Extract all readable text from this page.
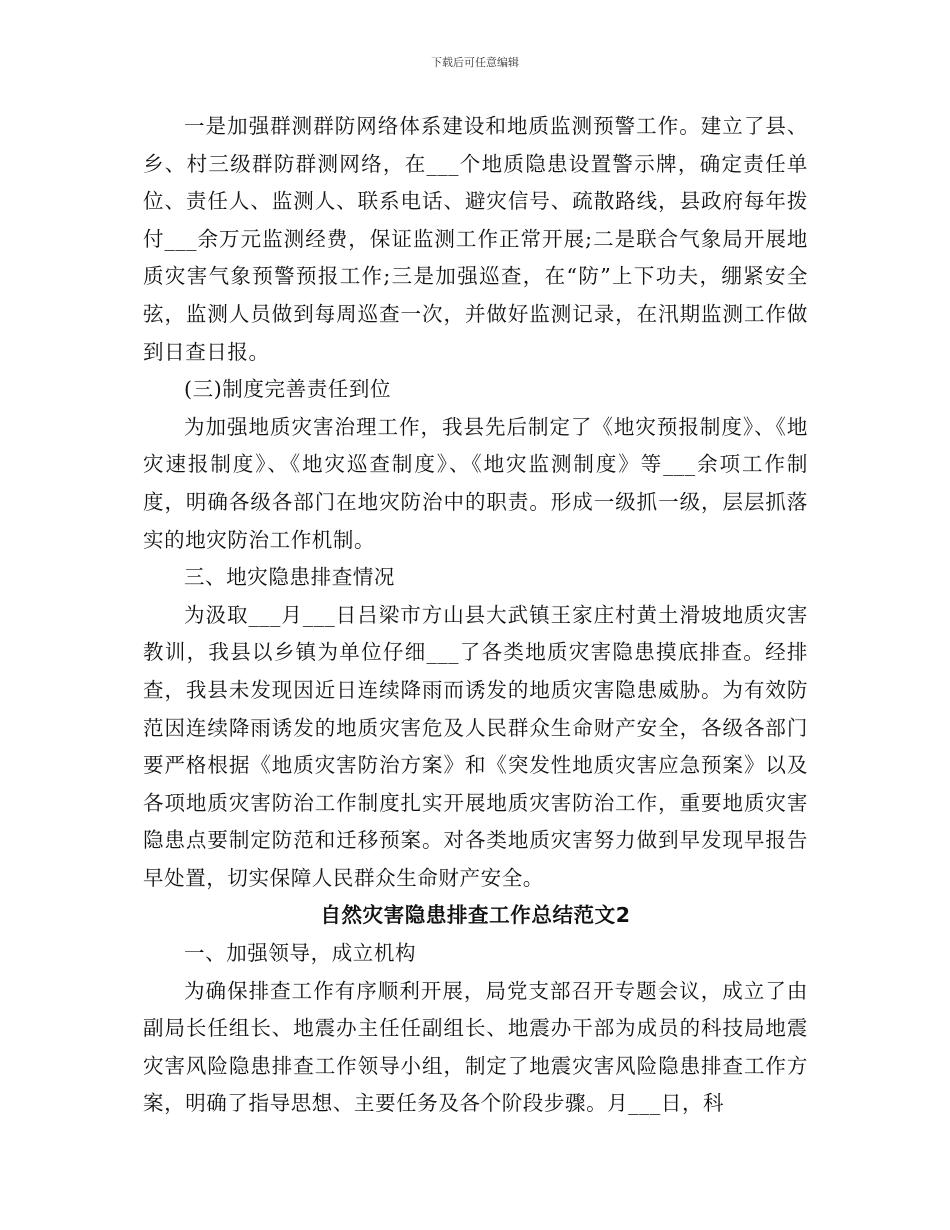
下载后可任意编辑

一是加强群测群防网络体系建设和地质监测预警工作。建立了县、乡、村三级群防群测网络，在___个地质隐患设置警示牌，确定责任单位、责任人、监测人、联系电话、避灾信号、疏散路线，县政府每年拨付___余万元监测经费，保证监测工作正常开展;二是联合气象局开展地质灾害气象预警预报工作;三是加强巡查，在“防”上下功夫，绷紧安全弦，监测人员做到每周巡查一次，并做好监测记录，在汛期监测工作做到日查日报。

(三)制度完善责任到位

为加强地质灾害治理工作，我县先后制定了《地灾预报制度》、《地灾速报制度》、《地灾巡查制度》、《地灾监测制度》等___余项工作制度，明确各级各部门在地灾防治中的职责。形成一级抓一级，层层抓落实的地灾防治工作机制。

三、地灾隐患排查情况

为汲取___月___日吕梁市方山县大武镇王家庄村黄土滑坡地质灾害教训，我县以乡镇为单位仔细___了各类地质灾害隐患摸底排查。经排查，我县未发现因近日连续降雨而诱发的地质灾害隐患威胁。为有效防范因连续降雨诱发的地质灾害危及人民群众生命财产安全，各级各部门要严格根据《地质灾害防治方案》和《突发性地质灾害应急预案》以及各项地质灾害防治工作制度扎实开展地质灾害防治工作，重要地质灾害隐患点要制定防范和迁移预案。对各类地质灾害努力做到早发现早报告早处置，切实保障人民群众生命财产安全。

自然灾害隐患排查工作总结范文2

一、加强领导，成立机构

为确保排查工作有序顺利开展，局党支部召开专题会议，成立了由副局长任组长、地震办主任任副组长、地震办干部为成员的科技局地震灾害风险隐患排查工作领导小组，制定了地震灾害风险隐患排查工作方案，明确了指导思想、主要任务及各个阶段步骤。月___日，科
